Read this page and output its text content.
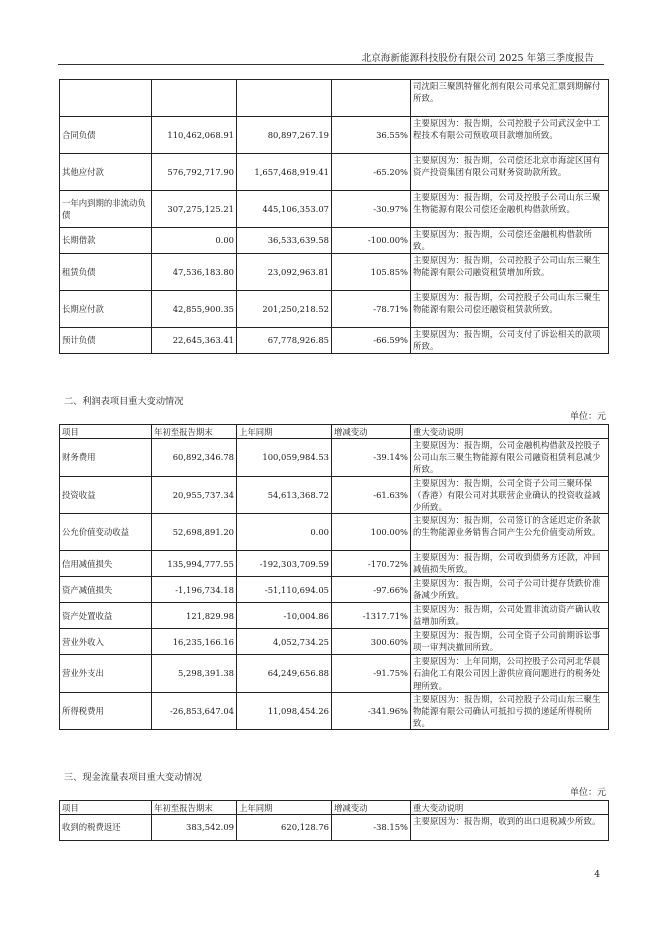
北京海新能源科技股份有限公司 2025 年第三季度报告
				司沈阳三聚凯特催化剂有限公司承兑汇票到期解付所致。
合同负债	110,462,068.91	80,897,267.19	36.55%	主要原因为：报告期，公司控股子公司武汉金中工程技术有限公司预收项目款增加所致。
其他应付款	576,792,717.90	1,657,468,919.41	-65.20%	主要原因为：报告期，公司偿还北京市海淀区国有资产投资集团有限公司财务资助款所致。
一年内到期的非流动负债	307,275,125.21	445,106,353.07	-30.97%	主要原因为：报告期，公司及控股子公司山东三聚生物能源有限公司偿还金融机构借款所致。
长期借款	0.00	36,533,639.58	-100.00%	主要原因为：报告期，公司偿还金融机构借款所致。
租赁负债	47,536,183.80	23,092,963.81	105.85%	主要原因为：报告期，公司控股子公司山东三聚生物能源有限公司融资租赁增加所致。
长期应付款	42,855,900.35	201,250,218.52	-78.71%	主要原因为：报告期，公司控股子公司山东三聚生物能源有限公司偿还融资租赁款所致。
预计负债	22,645,363.41	67,778,926.85	-66.59%	主要原因为：报告期，公司支付了诉讼相关的款项所致。
二、利润表项目重大变动情况
单位：元
项目	年初至报告期末	上年同期	增减变动	重大变动说明
财务费用	60,892,346.78	100,059,984.53	-39.14%	主要原因为：报告期，公司金融机构借款及控股子公司山东三聚生物能源有限公司融资租赁利息减少所致。
投资收益	20,955,737.34	54,613,368.72	-61.63%	主要原因为：报告期，公司全资子公司三聚环保（香港）有限公司对其联营企业确认的投资收益减少所致。
公允价值变动收益	52,698,891.20	0.00	100.00%	主要原因为：报告期，公司签订的含延迟定价条款的生物能源业务销售合同产生公允价值变动所致。
信用减值损失	135,994,777.55	-192,303,709.59	-170.72%	主要原因为：报告期，公司收到债务方还款，冲回减值损失所致。
资产减值损失	-1,196,734.18	-51,110,694.05	-97.66%	主要原因为：报告期，公司子公司计提存货跌价准备减少所致。
资产处置收益	121,829.98	-10,004.86	-1317.71%	主要原因为：报告期，公司处置非流动资产确认收益增加所致。
营业外收入	16,235,166.16	4,052,734.25	300.60%	主要原因为：报告期，公司全资子公司前期诉讼事项一审判决撤回所致。
营业外支出	5,298,391.38	64,249,656.88	-91.75%	主要原因为：上年同期，公司控股子公司河北华晨石油化工有限公司因上游供应商问题进行的税务处理所致。
所得税费用	-26,853,647.04	11,098,454.26	-341.96%	主要原因为：报告期，公司控股子公司山东三聚生物能源有限公司确认可抵扣亏损的递延所得税所致。
三、现金流量表项目重大变动情况
单位：元
项目	年初至报告期末	上年同期	增减变动	重大变动说明
收到的税费返还	383,542.09	620,128.76	-38.15%	主要原因为：报告期，收到的出口退税减少所致。
4
